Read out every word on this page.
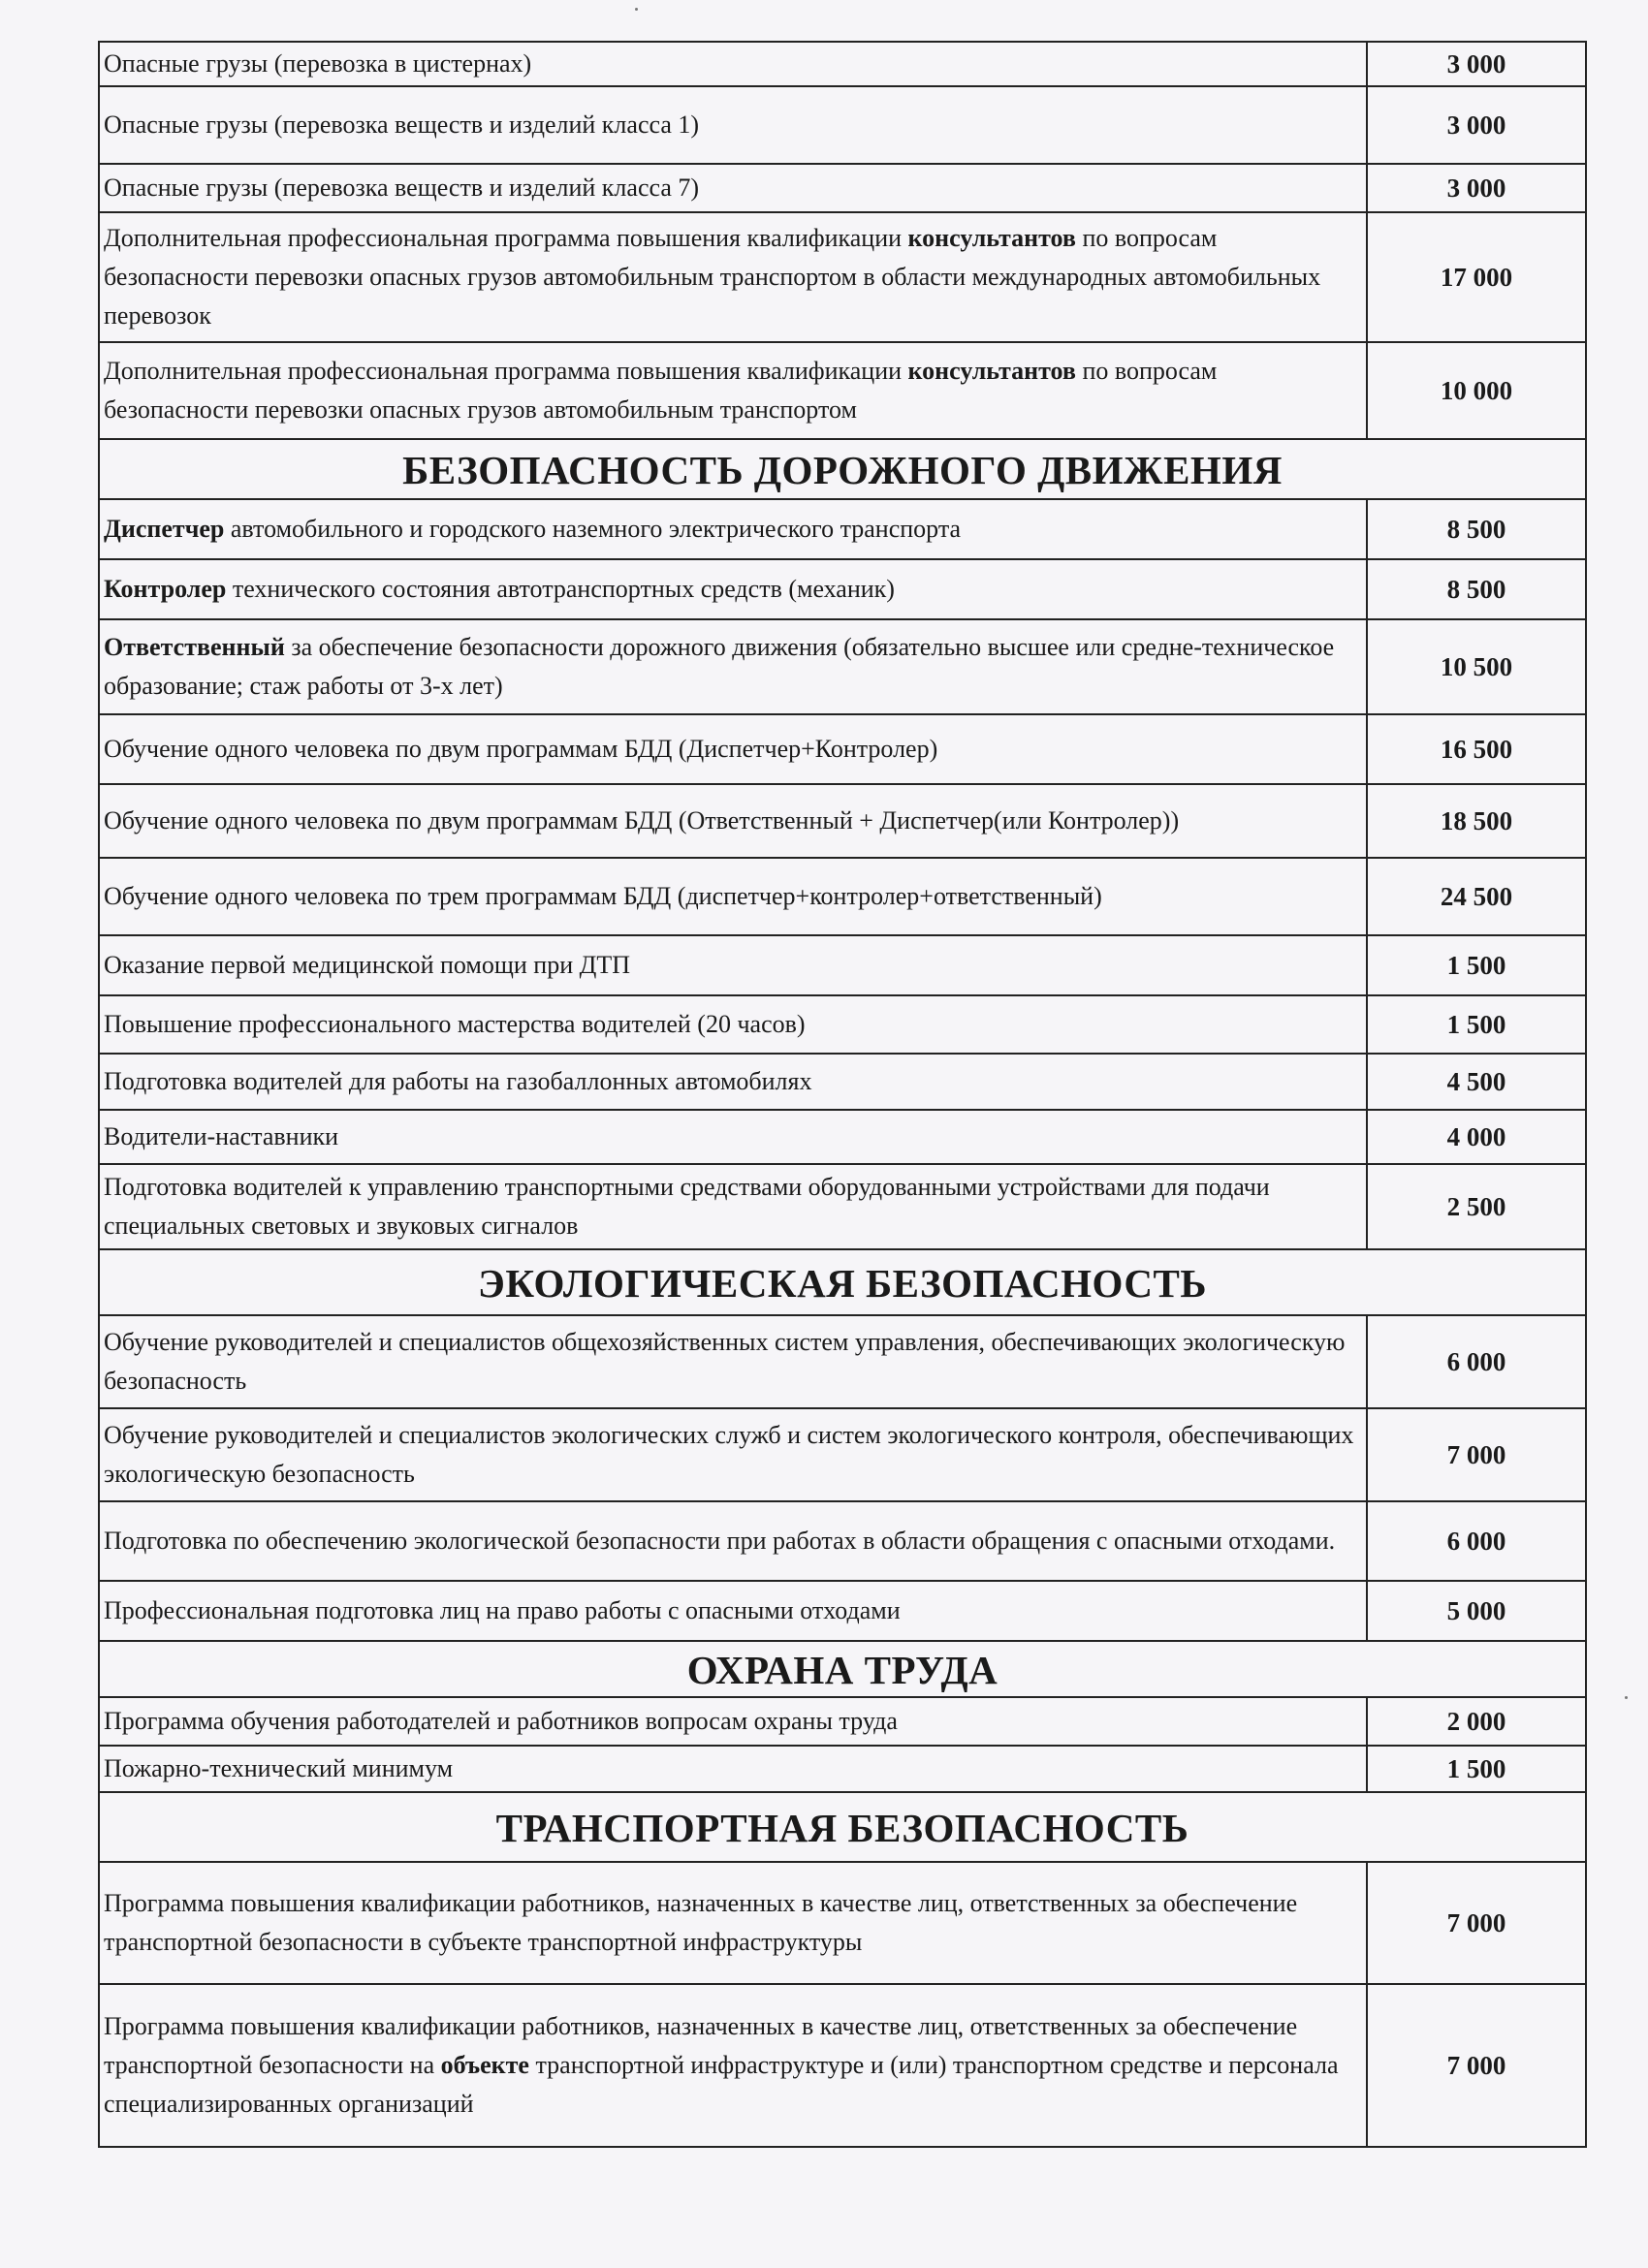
Опасные грузы (перевозка в цистернах)	3 000
Опасные грузы (перевозка веществ и изделий класса 1)	3 000
Опасные грузы (перевозка веществ и изделий класса 7)	3 000
Дополнительная профессиональная программа повышения квалификации консультантов по вопросам безопасности перевозки опасных грузов автомобильным транспортом в области международных автомобильных перевозок	17 000
Дополнительная профессиональная программа повышения квалификации консультантов по вопросам безопасности перевозки опасных грузов автомобильным транспортом	10 000
БЕЗОПАСНОСТЬ ДОРОЖНОГО ДВИЖЕНИЯ	
Диспетчер автомобильного и городского наземного электрического транспорта	8 500
Контролер технического состояния автотранспортных средств (механик)	8 500
Ответственный за обеспечение безопасности дорожного движения (обязательно высшее или средне-техническое образование; стаж работы от 3-х лет)	10 500
Обучение одного человека по двум программам БДД (Диспетчер+Контролер)	16 500
Обучение одного человека по двум программам БДД (Ответственный + Диспетчер(или Контролер))	18 500
Обучение одного человека по трем программам БДД (диспетчер+контролер+ответственный)	24 500
Оказание первой медицинской помощи при ДТП	1 500
Повышение профессионального мастерства водителей (20 часов)	1 500
Подготовка водителей для работы на газобаллонных автомобилях	4 500
Водители-наставники	4 000
Подготовка водителей к управлению транспортными средствами оборудованными устройствами для подачи специальных световых и звуковых сигналов	2 500
ЭКОЛОГИЧЕСКАЯ БЕЗОПАСНОСТЬ	
Обучение руководителей и специалистов общехозяйственных систем управления, обеспечивающих экологическую безопасность	6 000
Обучение руководителей и специалистов экологических служб и систем экологического контроля, обеспечивающих экологическую безопасность	7 000
Подготовка по обеспечению экологической безопасности при работах в области обращения с опасными отходами.	6 000
Профессиональная подготовка лиц на право работы с опасными отходами	5 000
ОХРАНА ТРУДА	
Программа обучения работодателей и работников вопросам охраны труда	2 000
Пожарно-технический минимум	1 500
ТРАНСПОРТНАЯ БЕЗОПАСНОСТЬ	
Программа повышения квалификации работников, назначенных в качестве лиц, ответственных за обеспечение транспортной безопасности в субъекте транспортной инфраструктуры	7 000
Программа повышения квалификации работников, назначенных в качестве лиц, ответственных за обеспечение транспортной безопасности на объекте транспортной инфраструктуре и (или) транспортном средстве и персонала специализированных организаций	7 000
